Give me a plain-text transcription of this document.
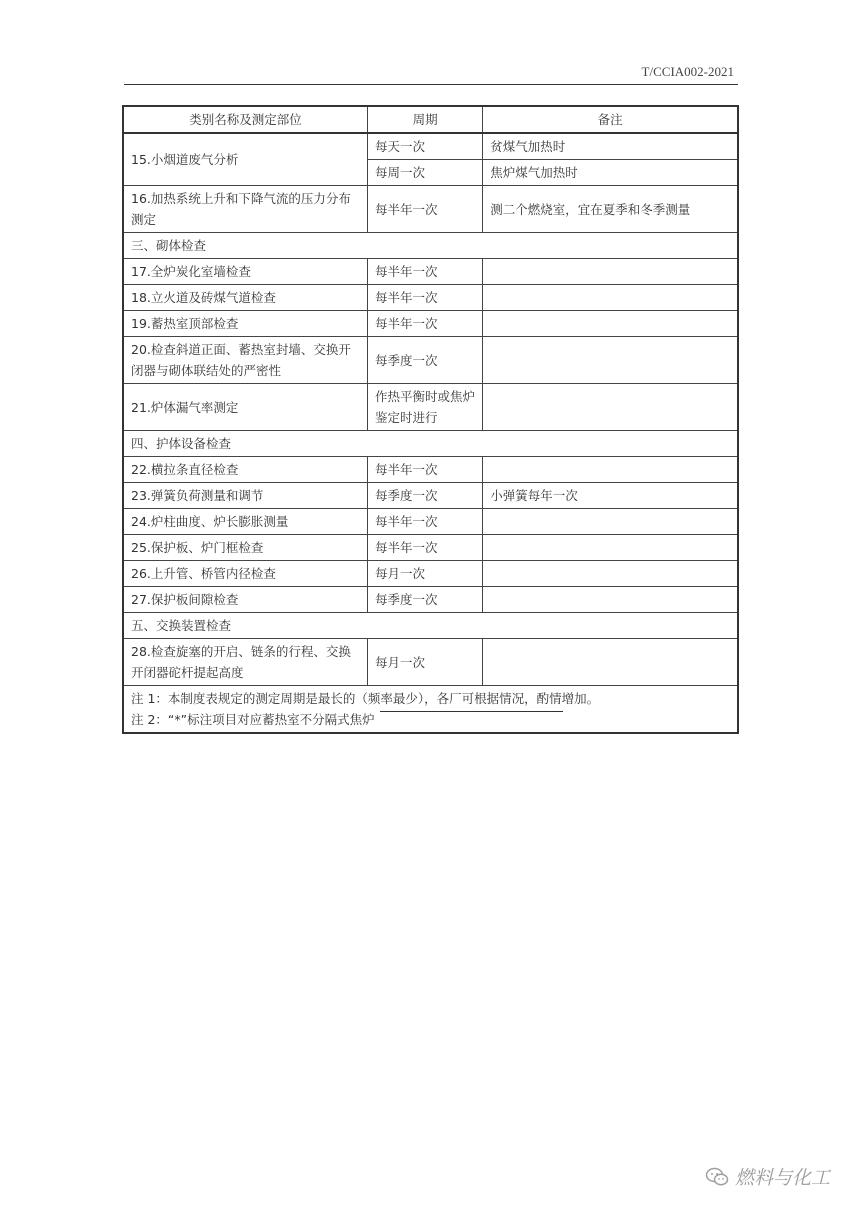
T/CCIA002-2021
类别名称及测定部位	周期	备注
15.小烟道废气分析	每天一次	贫煤气加热时
	每周一次	焦炉煤气加热时
16.加热系统上升和下降气流的压力分布测定	每半年一次	测二个燃烧室，宜在夏季和冬季测量
三、砌体检查		
17.全炉炭化室墙检查	每半年一次	
18.立火道及砖煤气道检查	每半年一次	
19.蓄热室顶部检查	每半年一次	
20.检查斜道正面、蓄热室封墙、交换开闭器与砌体联结处的严密性	每季度一次	
21.炉体漏气率测定	作热平衡时或焦炉鉴定时进行	
四、护体设备检查		
22.横拉条直径检查	每半年一次	
23.弹簧负荷测量和调节	每季度一次	小弹簧每年一次
24.炉柱曲度、炉长膨胀测量	每半年一次	
25.保护板、炉门框检查	每半年一次	
26.上升管、桥管内径检查	每月一次	
27.保护板间隙检查	每季度一次	
五、交换装置检查		
28.检查旋塞的开启、链条的行程、交换开闭器砣杆提起高度	每月一次	

注 1：本制度表规定的测定周期是最长的（频率最少），各厂可根据情况，酌情增加。
注 2：“*”标注项目对应蓄热室不分隔式焦炉		
燃料与化工
